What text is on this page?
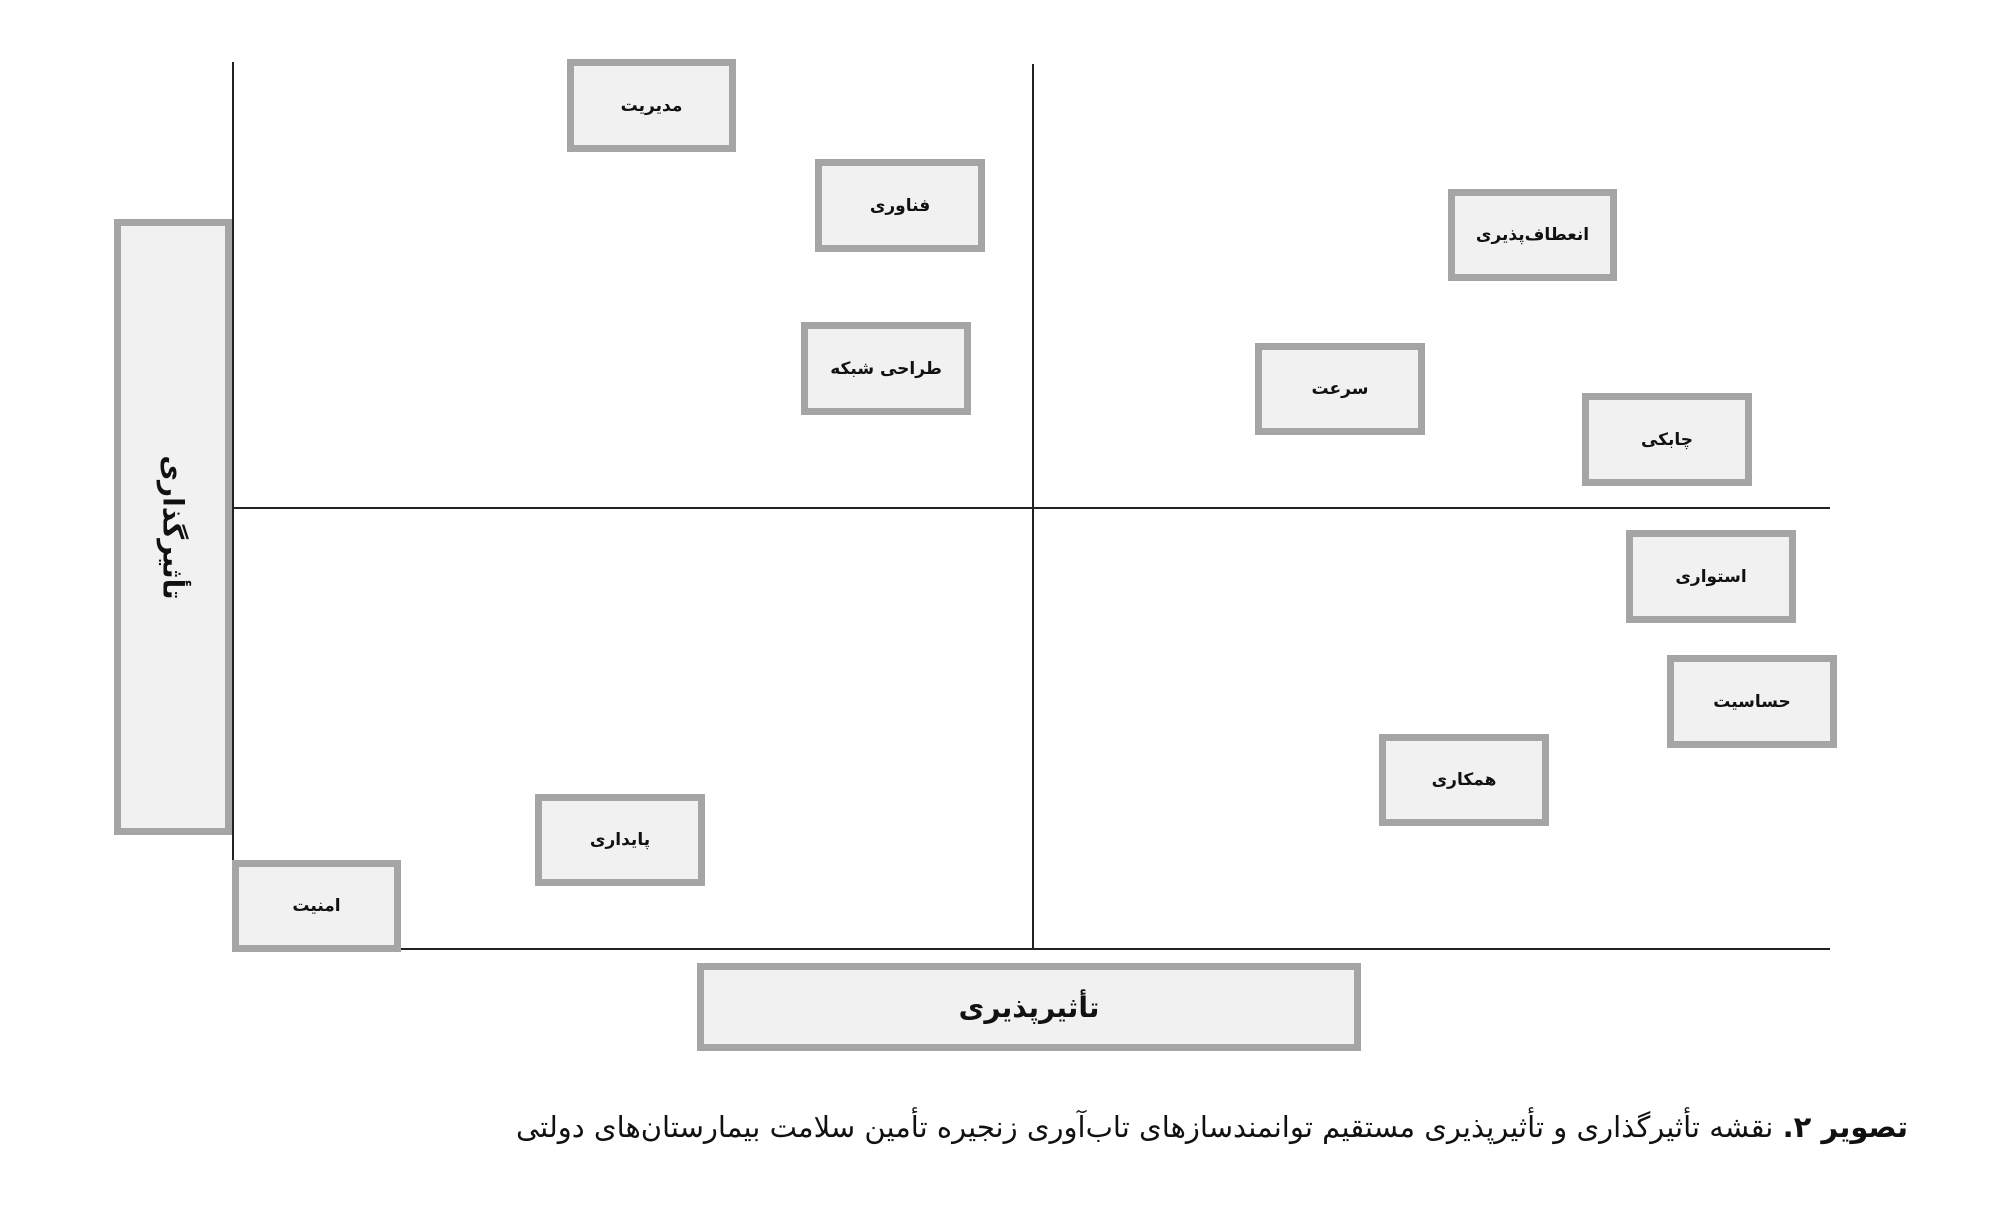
تأثیرگذاری
تأثیرپذیری
مدیریت
فناوری
طراحی شبکه
انعطاف‌پذیری
سرعت
چابکی
استواری
حساسیت
همکاری
پایداری
امنیت
تصویر ۲. نقشه تأثیرگذاری و تأثیرپذیری مستقیم توانمندسازهای تاب‌آوری زنجیره تأمین سلامت بیمارستان‌های دولتی
